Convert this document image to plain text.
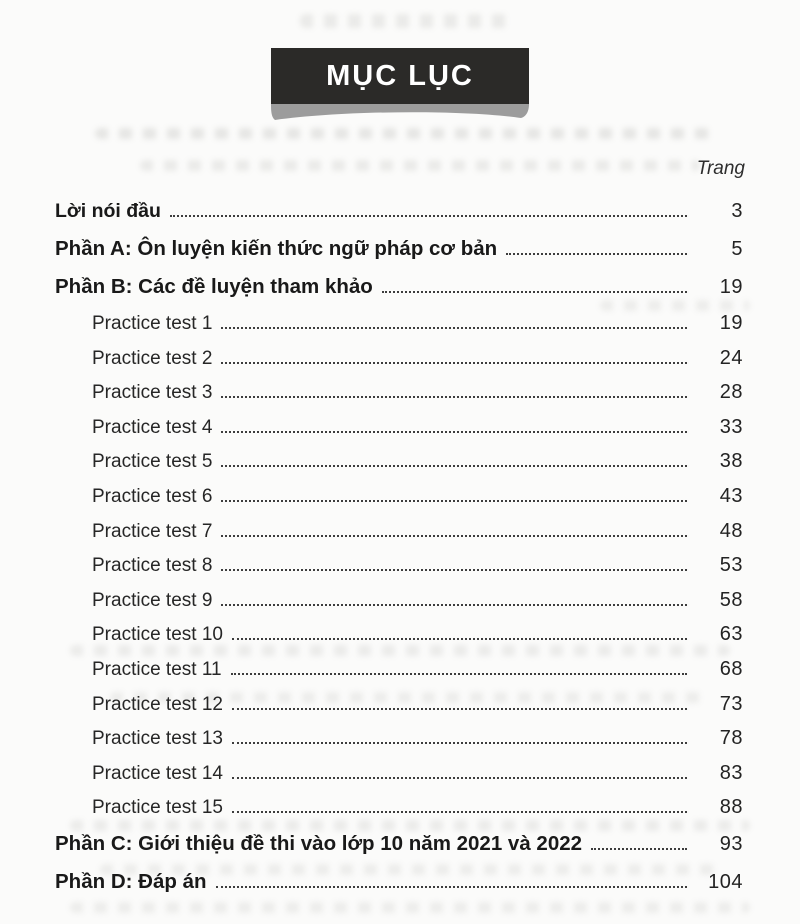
MỤC LỤC
Trang
Lời nói đầu	3
Phần A: Ôn luyện kiến thức ngữ pháp cơ bản	5
Phần B: Các đề luyện tham khảo	19
Practice test 1	19
Practice test 2	24
Practice test 3	28
Practice test 4	33
Practice test 5	38
Practice test 6	43
Practice test 7	48
Practice test 8	53
Practice test 9	58
Practice test 10	63
Practice test 11	68
Practice test 12	73
Practice test 13	78
Practice test 14	83
Practice test 15	88
Phần C: Giới thiệu đề thi vào lớp 10 năm 2021 và 2022	93
Phần D: Đáp án	104
